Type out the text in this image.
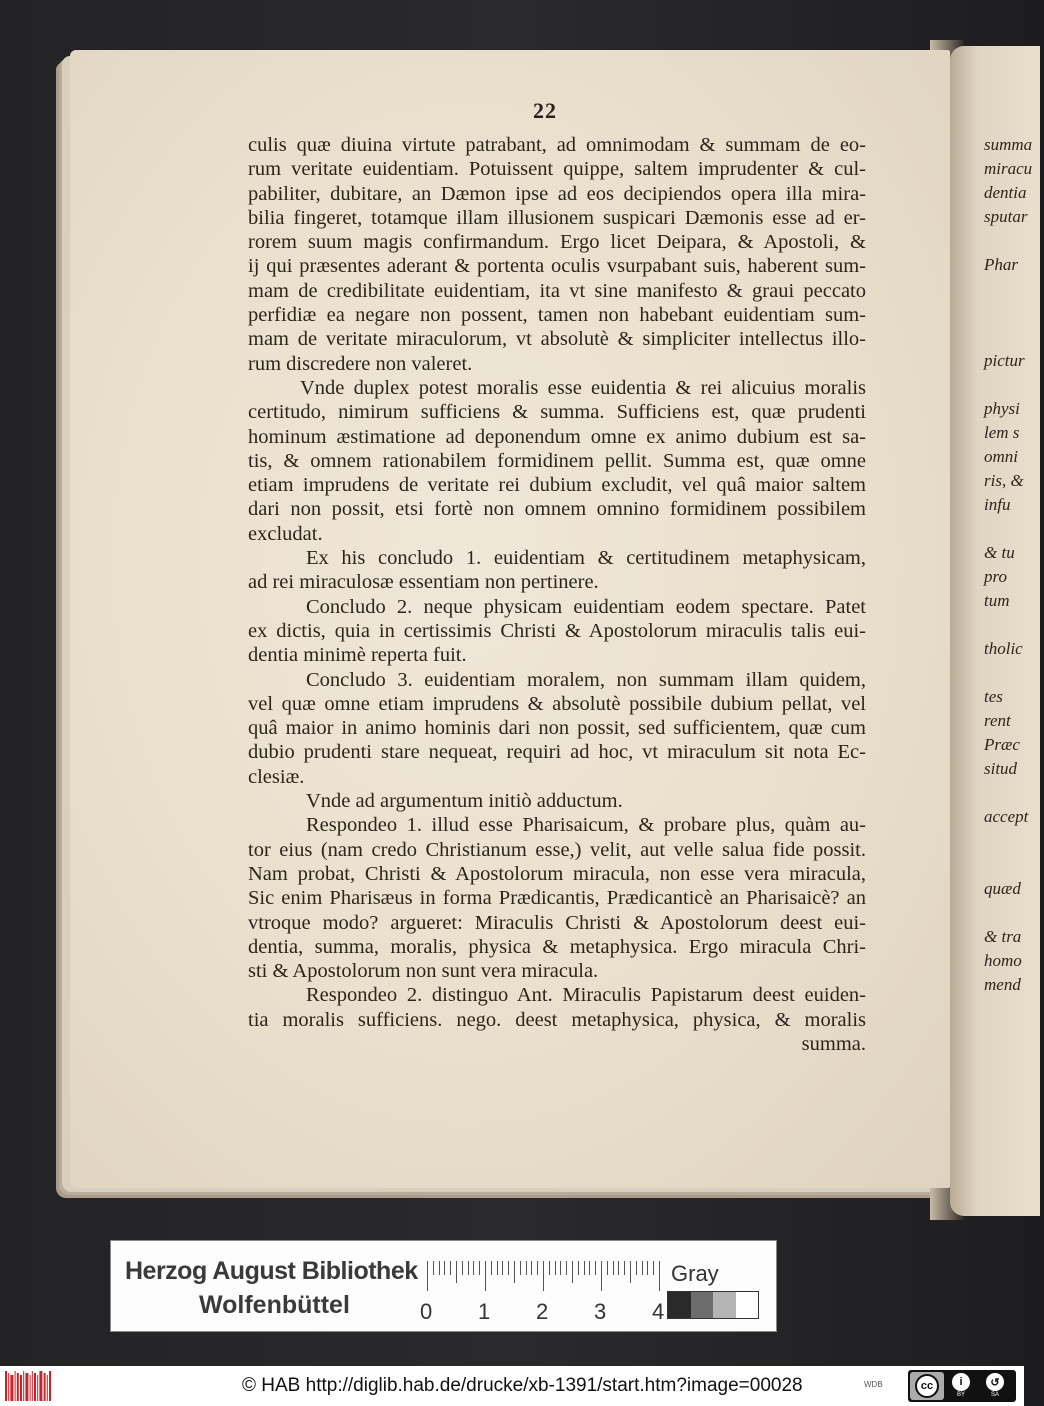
22
culis quæ diuina virtute patrabant, ad omnimodam & summam de eo-
rum veritate euidentiam. Potuissent quippe, saltem imprudenter & cul-
pabiliter, dubitare, an Dæmon ipse ad eos decipiendos opera illa mira-
bilia fingeret, totamque illam illusionem suspicari Dæmonis esse ad er-
rorem suum magis confirmandum. Ergo licet Deipara, & Apostoli, &
ij qui præsentes aderant & portenta oculis vsurpabant suis, haberent sum-
mam de credibilitate euidentiam, ita vt sine manifesto & graui peccato
perfidiæ ea negare non possent, tamen non habebant euidentiam sum-
mam de veritate miraculorum, vt absolutè & simpliciter intellectus illo-
rum discredere non valeret.
Vnde duplex potest moralis esse euidentia & rei alicuius moralis
certitudo, nimirum sufficiens & summa. Sufficiens est, quæ prudenti
hominum æstimatione ad deponendum omne ex animo dubium est sa-
tis, & omnem rationabilem formidinem pellit. Summa est, quæ omne
etiam imprudens de veritate rei dubium excludit, vel quâ maior saltem
dari non possit, etsi fortè non omnem omnino formidinem possibilem
excludat.
Ex his concludo 1. euidentiam & certitudinem metaphysicam,
ad rei miraculosæ essentiam non pertinere.
Concludo 2. neque physicam euidentiam eodem spectare. Patet
ex dictis, quia in certissimis Christi & Apostolorum miraculis talis eui-
dentia minimè reperta fuit.
Concludo 3. euidentiam moralem, non summam illam quidem,
vel quæ omne etiam imprudens & absolutè possibile dubium pellat, vel
quâ maior in animo hominis dari non possit, sed sufficientem, quæ cum
dubio prudenti stare nequeat, requiri ad hoc, vt miraculum sit nota Ec-
clesiæ.
Vnde ad argumentum initiò adductum.
Respondeo 1. illud esse Pharisaicum, & probare plus, quàm au-
tor eius (nam credo Christianum esse,) velit, aut velle salua fide possit.
Nam probat, Christi & Apostolorum miracula, non esse vera miracula,
Sic enim Pharisæus in forma Prædicantis, Prædicanticè an Pharisaicè? an
vtroque modo? argueret: Miraculis Christi & Apostolorum deest eui-
dentia, summa, moralis, physica & metaphysica. Ergo miracula Chri-
sti & Apostolorum non sunt vera miracula.
Respondeo 2. distinguo Ant. Miraculis Papistarum deest euiden-
tia moralis sufficiens. nego. deest metaphysica, physica, & moralis
summa.
summa
miracu
dentia
sputar
Phar
pictur
physi
lem s
omni
ris, &
infu
& tu
pro
tum
tholic
tes
rent
Præc
situd
accept
quæd
& tra
homo
mend
Herzog August Bibliothek
Wolfenbüttel	0 1 2 3 4
Gray
© HAB http://diglib.hab.de/drucke/xb-1391/start.htm?image=00028	WDB	cc	i
BY
↺
SA
